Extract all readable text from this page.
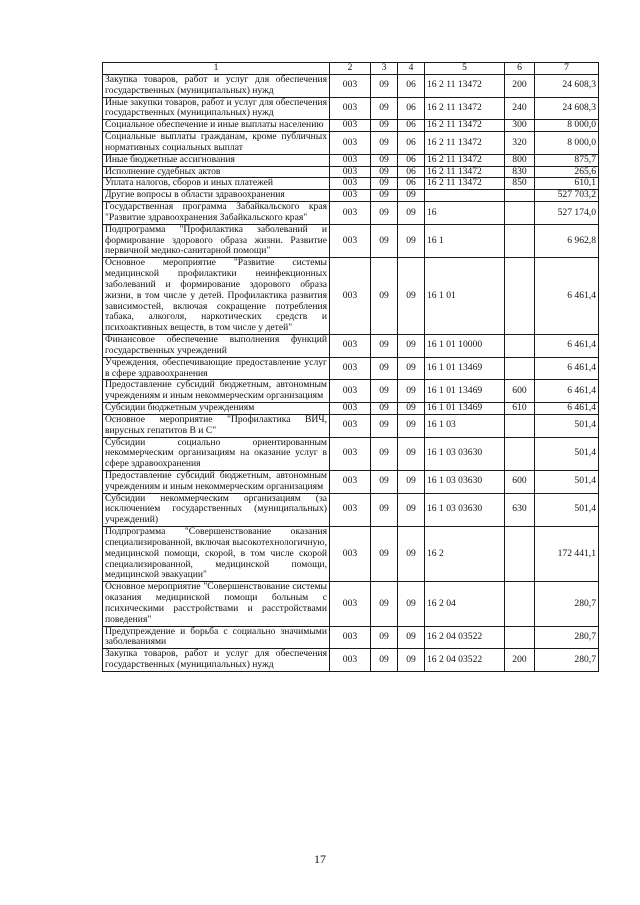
1	2	3	4	5	6	7
Закупка товаров, работ и услуг для обеспечения государственных (муниципальных) нужд	003	09	06	16 2 11 13472	200	24 608,3
Иные закупки товаров, работ и услуг для обеспечения государственных (муниципальных) нужд	003	09	06	16 2 11 13472	240	24 608,3
Социальное обеспечение и иные выплаты населению	003	09	06	16 2 11 13472	300	8 000,0
Социальные выплаты гражданам, кроме публичных нормативных социальных выплат	003	09	06	16 2 11 13472	320	8 000,0
Иные бюджетные ассигнования	003	09	06	16 2 11 13472	800	875,7
Исполнение судебных актов	003	09	06	16 2 11 13472	830	265,6
Уплата налогов, сборов и иных платежей	003	09	06	16 2 11 13472	850	610,1
Другие вопросы в области здравоохранения	003	09	09			527 703,2
Государственная программа Забайкальского края "Развитие здравоохранения Забайкальского края"	003	09	09	16		527 174,0
Подпрограмма "Профилактика заболеваний и формирование здорового образа жизни. Развитие первичной медико-санитарной помощи"	003	09	09	16 1		6 962,8
Основное мероприятие "Развитие системы медицинской профилактики неинфекционных заболеваний и формирование здорового образа жизни, в том числе у детей. Профилактика развития зависимостей, включая сокращение потребления табака, алкоголя, наркотических средств и психоактивных веществ, в том числе у детей"	003	09	09	16 1 01		6 461,4
Финансовое обеспечение выполнения функций государственных учреждений	003	09	09	16 1 01 10000		6 461,4
Учреждения, обеспечивающие предоставление услуг в сфере здравоохранения	003	09	09	16 1 01 13469		6 461,4
Предоставление субсидий бюджетным, автономным учреждениям и иным некоммерческим организациям	003	09	09	16 1 01 13469	600	6 461,4
Субсидии бюджетным учреждениям	003	09	09	16 1 01 13469	610	6 461,4
Основное мероприятие "Профилактика ВИЧ, вирусных гепатитов В и С"	003	09	09	16 1 03		501,4
Субсидии социально ориентированным некоммерческим организациям на оказание услуг в сфере здравоохранения	003	09	09	16 1 03 03630		501,4
Предоставление субсидий бюджетным, автономным учреждениям и иным некоммерческим организациям	003	09	09	16 1 03 03630	600	501,4
Субсидии некоммерческим организациям (за исключением государственных (муниципальных) учреждений)	003	09	09	16 1 03 03630	630	501,4
Подпрограмма "Совершенствование оказания специализированной, включая высокотехнологичную, медицинской помощи, скорой, в том числе скорой специализированной, медицинской помощи, медицинской эвакуации"	003	09	09	16 2		172 441,1
Основное мероприятие "Совершенствование системы оказания медицинской помощи больным с психическими расстройствами и расстройствами поведения"	003	09	09	16 2 04		280,7
Предупреждение и борьба с социально значимыми заболеваниями	003	09	09	16 2 04 03522		280,7
Закупка товаров, работ и услуг для обеспечения государственных (муниципальных) нужд	003	09	09	16 2 04 03522	200	280,7
17
